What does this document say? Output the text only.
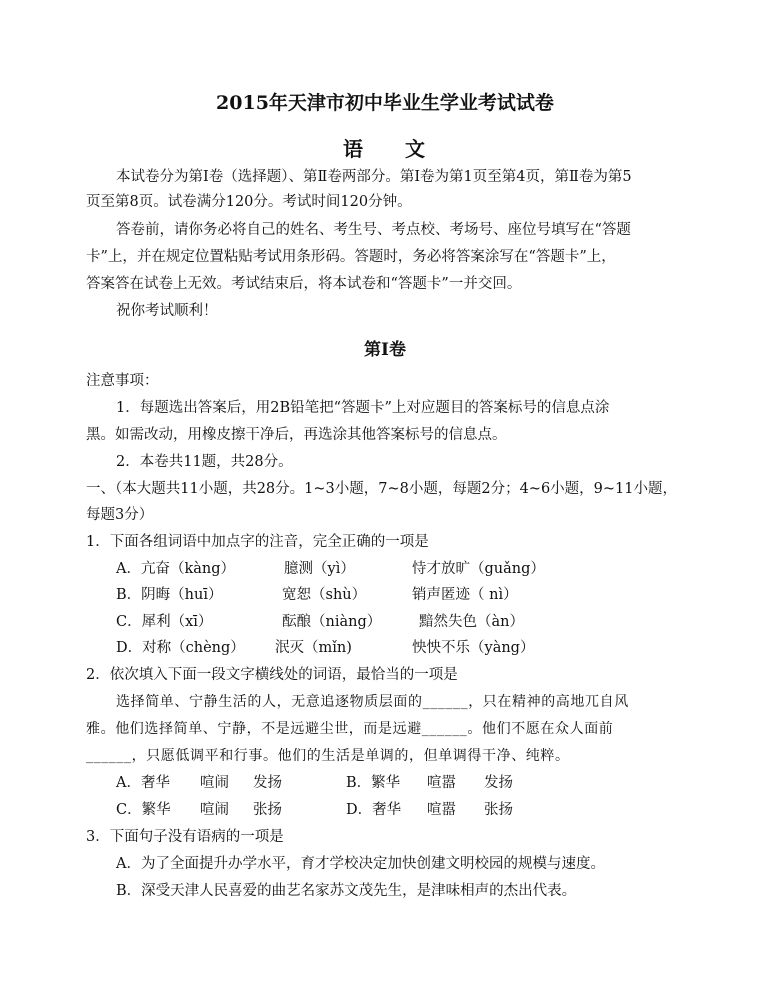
2015年天津市初中毕业生学业考试试卷
语 文
本试卷分为第Ⅰ卷（选择题）、第Ⅱ卷两部分。第Ⅰ卷为第1页至第4页，第Ⅱ卷为第5
页至第8页。试卷满分120分。考试时间120分钟。
答卷前，请你务必将自己的姓名、考生号、考点校、考场号、座位号填写在“答题
卡”上，并在规定位置粘贴考试用条形码。答题时，务必将答案涂写在“答题卡”上，
答案答在试卷上无效。考试结束后，将本试卷和“答题卡”一并交回。
祝你考试顺利！
第Ⅰ卷
注意事项：
1．每题选出答案后，用2B铅笔把“答题卡”上对应题目的答案标号的信息点涂
黑。如需改动，用橡皮擦干净后，再选涂其他答案标号的信息点。
2．本卷共11题，共28分。
一、（本大题共11小题，共28分。1~3小题，7~8小题，每题2分；4~6小题，9~11小题，
每题3分）
1．下面各组词语中加点字的注音，完全正确的一项是
A．亢奋（kàng）	臆测（yì）	恃才放旷（guǎng）
B．阴晦（huī）	宽恕（shù）	销声匿迹（ nì）
C．犀利（xī）	酝酿（niàng）	黯然失色（àn）
D．对称（chèng） 泯灭（mǐn)	怏怏不乐（yàng）
2．依次填入下面一段文字横线处的词语，最恰当的一项是
选择简单、宁静生活的人，无意追逐物质层面的______，只在精神的高地兀自风
雅。他们选择简单、宁静，不是远避尘世，而是远避______。他们不愿在众人面前
______，只愿低调平和行事。他们的生活是单调的，但单调得干净、纯粹。
A．奢华 喧闹 发扬	B．繁华 喧嚣 发扬
C．繁华 喧闹 张扬	D．奢华 喧嚣 张扬
3．下面句子没有语病的一项是
A．为了全面提升办学水平，育才学校决定加快创建文明校园的规模与速度。
B．深受天津人民喜爱的曲艺名家苏文茂先生，是津味相声的杰出代表。
